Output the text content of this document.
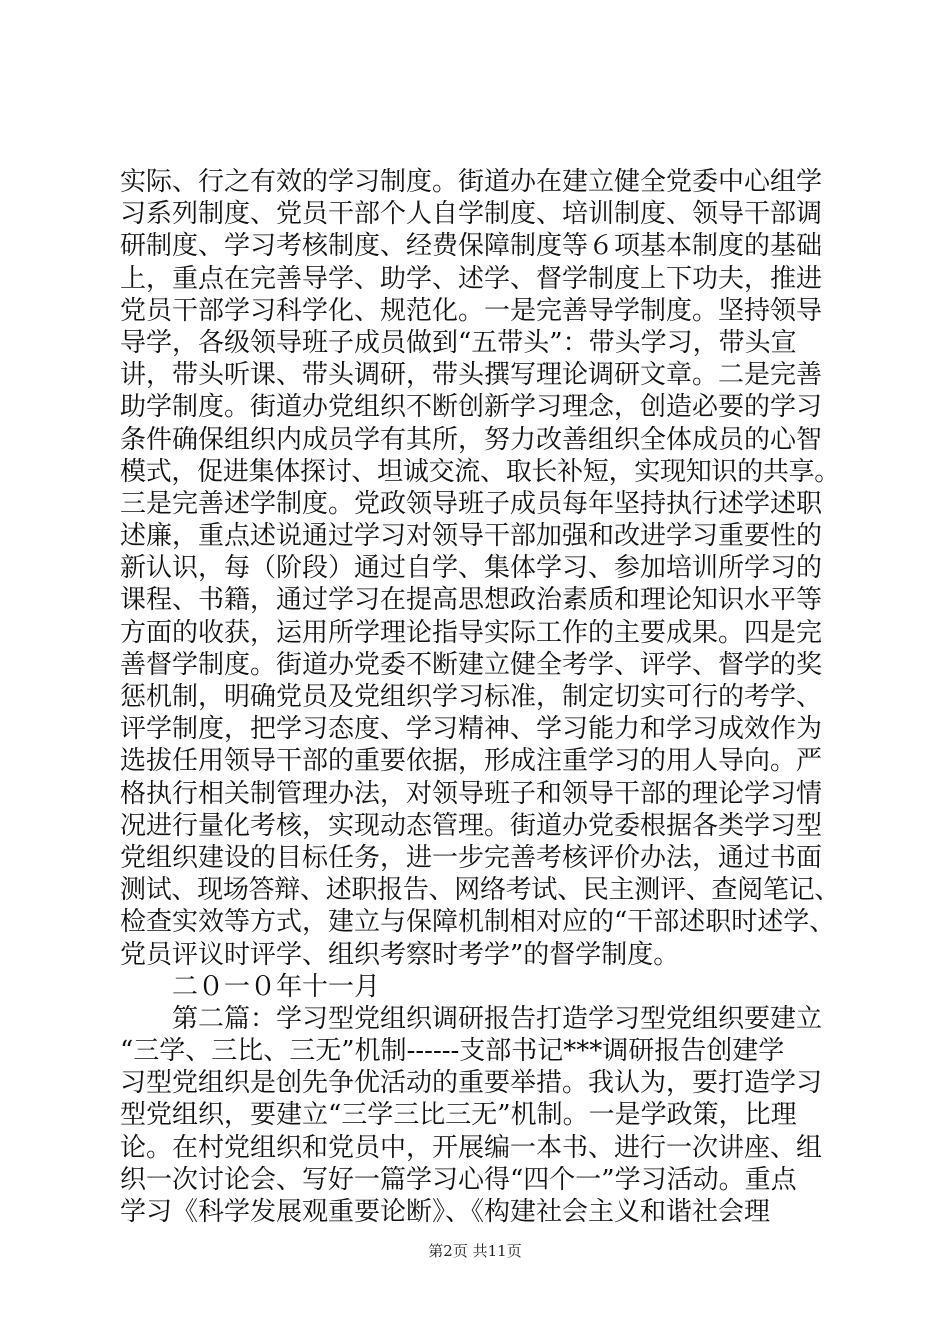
实际、行之有效的学习制度。街道办在建立健全党委中心组学
习系列制度、党员干部个人自学制度、培训制度、领导干部调
研制度、学习考核制度、经费保障制度等６项基本制度的基础
上，重点在完善导学、助学、述学、督学制度上下功夫，推进
党员干部学习科学化、规范化。一是完善导学制度。坚持领导
导学，各级领导班子成员做到“五带头”：带头学习，带头宣
讲，带头听课、带头调研，带头撰写理论调研文章。二是完善
助学制度。街道办党组织不断创新学习理念，创造必要的学习
条件确保组织内成员学有其所，努力改善组织全体成员的心智
模式，促进集体探讨、坦诚交流、取长补短，实现知识的共享。
三是完善述学制度。党政领导班子成员每年坚持执行述学述职
述廉，重点述说通过学习对领导干部加强和改进学习重要性的
新认识，每（阶段）通过自学、集体学习、参加培训所学习的
课程、书籍，通过学习在提高思想政治素质和理论知识水平等
方面的收获，运用所学理论指导实际工作的主要成果。四是完
善督学制度。街道办党委不断建立健全考学、评学、督学的奖
惩机制，明确党员及党组织学习标准，制定切实可行的考学、
评学制度，把学习态度、学习精神、学习能力和学习成效作为
选拔任用领导干部的重要依据，形成注重学习的用人导向。严
格执行相关制管理办法，对领导班子和领导干部的理论学习情
况进行量化考核，实现动态管理。街道办党委根据各类学习型
党组织建设的目标任务，进一步完善考核评价办法，通过书面
测试、现场答辩、述职报告、网络考试、民主测评、查阅笔记、
检查实效等方式，建立与保障机制相对应的“干部述职时述学、
党员评议时评学、组织考察时考学”的督学制度。
　　二０一０年十一月
　　第二篇：学习型党组织调研报告打造学习型党组织要建立
“三学、三比、三无”机制------支部书记***调研报告创建学
习型党组织是创先争优活动的重要举措。我认为，要打造学习
型党组织，要建立“三学三比三无”机制。一是学政策，比理
论。在村党组织和党员中，开展编一本书、进行一次讲座、组
织一次讨论会、写好一篇学习心得“四个一”学习活动。重点
学习《科学发展观重要论断》、《构建社会主义和谐社会理
第2页 共11页
